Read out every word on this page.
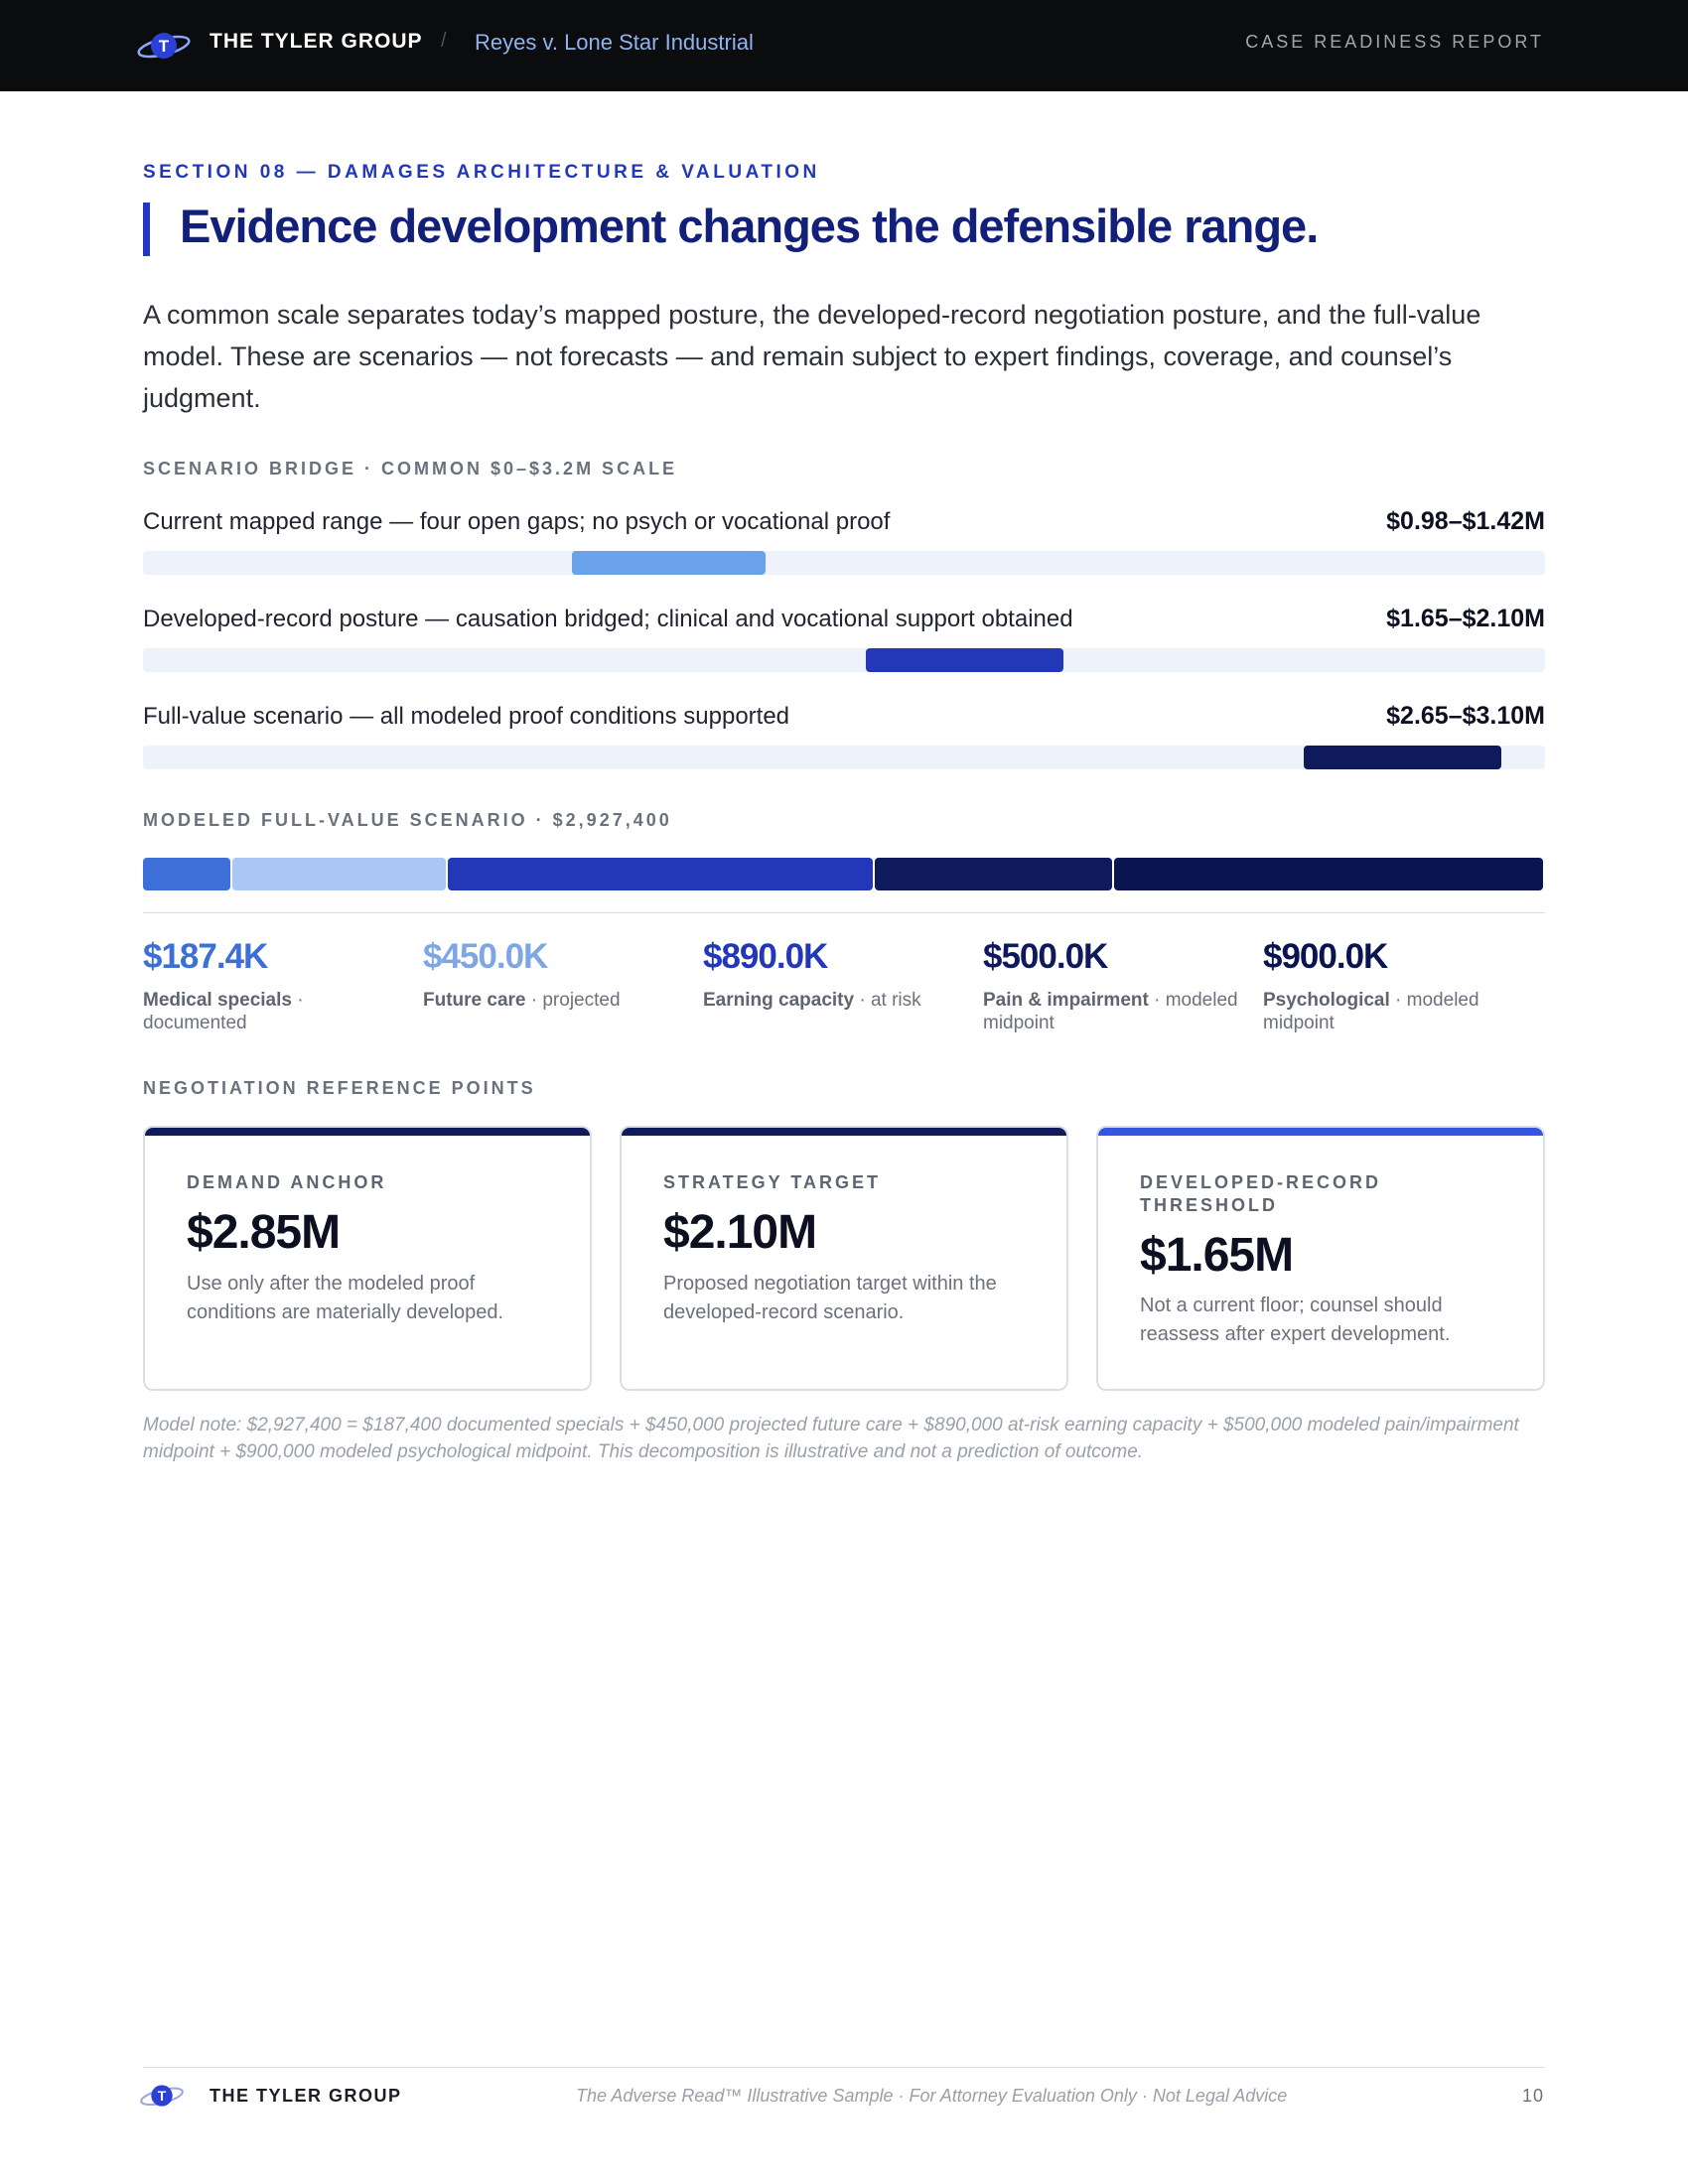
T THE TYLER GROUP / Reyes v. Lone Star Industrial	CASE READINESS REPORT
SECTION 08 — DAMAGES ARCHITECTURE & VALUATION
Evidence development changes the defensible range.
A common scale separates today’s mapped posture, the developed-record negotiation posture, and the full-value model. These are scenarios — not forecasts — and remain subject to expert findings, coverage, and counsel’s judgment.
SCENARIO BRIDGE · COMMON $0–$3.2M SCALE
Current mapped range — four open gaps; no psych or vocational proof	$0.98–$1.42M
Developed-record posture — causation bridged; clinical and vocational support obtained	$1.65–$2.10M
Full-value scenario — all modeled proof conditions supported	$2.65–$3.10M
MODELED FULL-VALUE SCENARIO · $2,927,400
$187.4K
Medical specials · documented
$450.0K
Future care · projected
$890.0K
Earning capacity · at risk
$500.0K
Pain & impairment · modeled midpoint
$900.0K
Psychological · modeled midpoint
NEGOTIATION REFERENCE POINTS
DEMAND ANCHOR
$2.85M
Use only after the modeled proof conditions are materially developed.
STRATEGY TARGET
$2.10M
Proposed negotiation target within the developed-record scenario.
DEVELOPED-RECORD THRESHOLD
$1.65M
Not a current floor; counsel should reassess after expert development.
Model note: $2,927,400 = $187,400 documented specials + $450,000 projected future care + $890,000 at-risk earning capacity + $500,000 modeled pain/impairment midpoint + $900,000 modeled psychological midpoint. This decomposition is illustrative and not a prediction of outcome.
T THE TYLER GROUP	The Adverse Read™ Illustrative Sample · For Attorney Evaluation Only · Not Legal Advice	10
